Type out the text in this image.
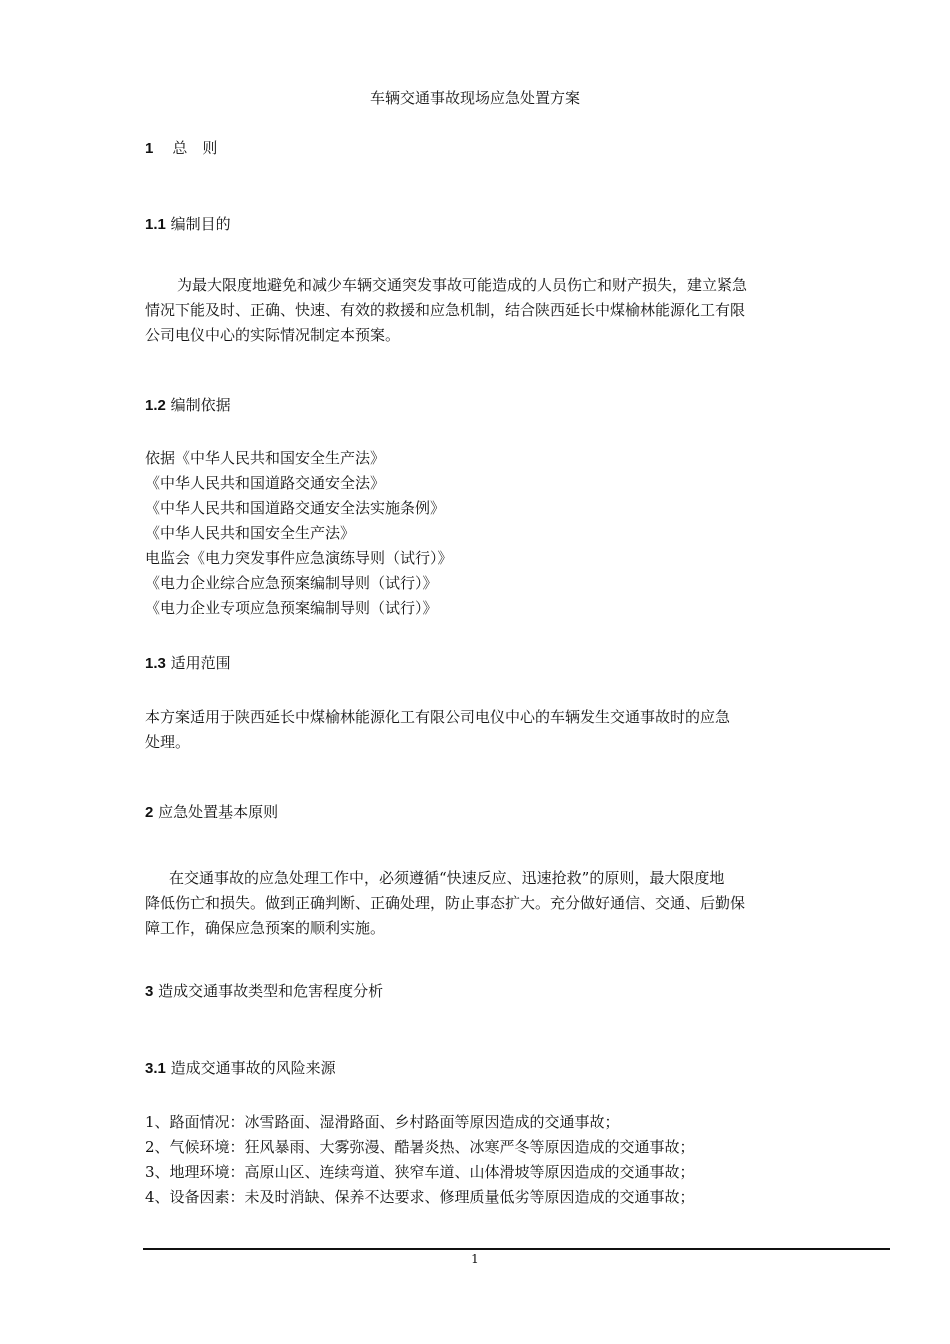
车辆交通事故现场应急处置方案
1 总　则
1.1 编制目的
为最大限度地避免和减少车辆交通突发事故可能造成的人员伤亡和财产损失，建立紧急
情况下能及时、正确、快速、有效的救援和应急机制，结合陕西延长中煤榆林能源化工有限
公司电仪中心的实际情况制定本预案。
1.2 编制依据
依据《中华人民共和国安全生产法》
《中华人民共和国道路交通安全法》
《中华人民共和国道路交通安全法实施条例》
《中华人民共和国安全生产法》
电监会《电力突发事件应急演练导则（试行）》
《电力企业综合应急预案编制导则（试行）》
《电力企业专项应急预案编制导则（试行）》
1.3 适用范围
本方案适用于陕西延长中煤榆林能源化工有限公司电仪中心的车辆发生交通事故时的应急
处理。
2 应急处置基本原则
在交通事故的应急处理工作中，必须遵循“快速反应、迅速抢救”的原则，最大限度地
降低伤亡和损失。做到正确判断、正确处理，防止事态扩大。充分做好通信、交通、后勤保
障工作，确保应急预案的顺利实施。
3 造成交通事故类型和危害程度分析
3.1 造成交通事故的风险来源
1、路面情况：冰雪路面、湿滑路面、乡村路面等原因造成的交通事故；
2、气候环境：狂风暴雨、大雾弥漫、酷暑炎热、冰寒严冬等原因造成的交通事故；
3、地理环境：高原山区、连续弯道、狭窄车道、山体滑坡等原因造成的交通事故；
4、设备因素：未及时消缺、保养不达要求、修理质量低劣等原因造成的交通事故；
1
